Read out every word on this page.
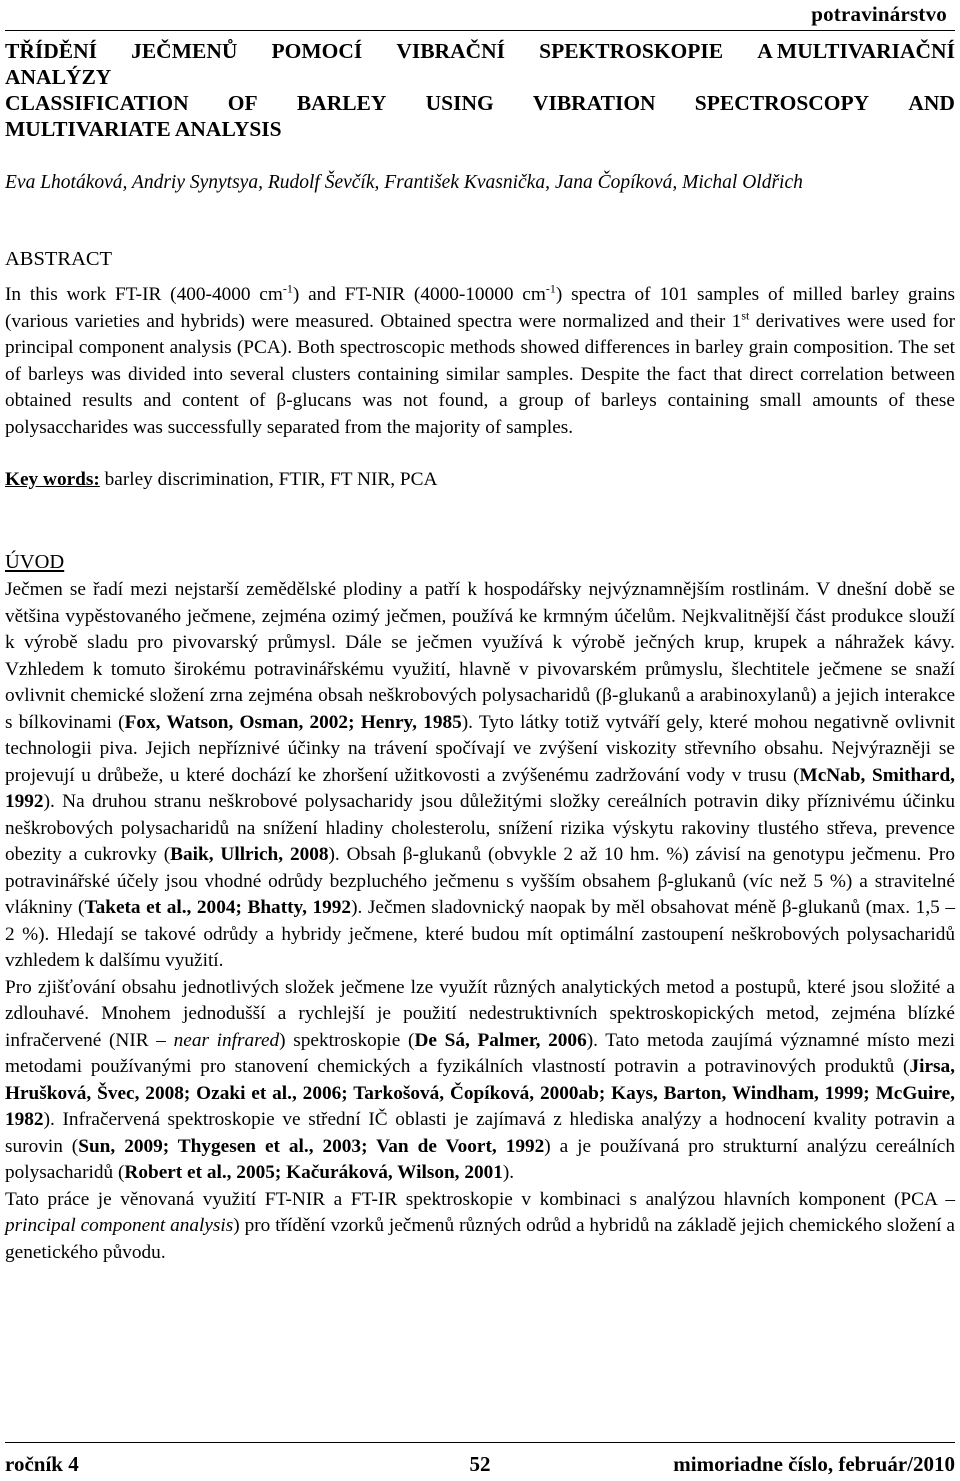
potravinárstvo
TŘÍDĚNÍ JEČMENŮ POMOCÍ VIBRAČNÍ SPEKTROSKOPIE A MULTIVARIAČNÍ
ANALÝZY
CLASSIFICATION OF BARLEY USING VIBRATION SPECTROSCOPY AND
MULTIVARIATE ANALYSIS
Eva Lhotáková, Andriy Synytsya, Rudolf Ševčík, František Kvasnička, Jana Čopíková, Michal Oldřich
ABSTRACT

In this work FT-IR (400-4000 $cm^{-1}$) and FT-NIR (4000-10000 $cm^{-1}$) spectra of 101 samples of milled barley grains (various varieties and hybrids) were measured. Obtained spectra were normalized and their 1st derivatives were used for principal component analysis (PCA). Both spectroscopic methods showed differences in barley grain composition. The set of barleys was divided into several clusters containing similar samples. Despite the fact that direct correlation between obtained results and content of β-glucans was not found, a group of barleys containing small amounts of these polysaccharides was successfully separated from the majority of samples.

Key words: barley discrimination, FTIR, FT NIR, PCA
ÚVOD

Ječmen se řadí mezi nejstarší zemědělské plodiny a patří k hospodářsky nejvýznamnějším rostlinám. V dnešní době se většina vypěstovaného ječmene, zejména ozimý ječmen, používá ke krmným účelům. Nejkvalitnější část produkce slouží k výrobě sladu pro pivovarský průmysl. Dále se ječmen využívá k výrobě ječných krup, krupek a náhražek kávy. Vzhledem k tomuto širokému potravinářskému využití, hlavně v pivovarském průmyslu, šlechtitele ječmene se snaží ovlivnit chemické složení zrna zejména obsah neškrobových polysacharidů (β-glukanů a arabinoxylanů) a jejich interakce s bílkovinami (Fox, Watson, Osman, 2002; Henry, 1985). Tyto látky totiž vytváří gely, které mohou negativně ovlivnit technologii piva. Jejich nepříznivé účinky na trávení spočívají ve zvýšení viskozity střevního obsahu. Nejvýrazněji se projevují u drůbeže, u které dochází ke zhoršení užitkovosti a zvýšenému zadržování vody v trusu (McNab, Smithard, 1992). Na druhou stranu neškrobové polysacharidy jsou důležitými složky cereálních potravin diky příznivému účinku neškrobových polysacharidů na snížení hladiny cholesterolu, snížení rizika výskytu rakoviny tlustého střeva, prevence obezity a cukrovky (Baik, Ullrich, 2008). Obsah β-glukanů (obvykle 2 až 10 hm. %) závisí na genotypu ječmenu. Pro potravinářské účely jsou vhodné odrůdy bezpluchého ječmenu s vyšším obsahem β-glukanů (víc než 5 %) a stravitelné vlákniny (Taketa et al., 2004; Bhatty, 1992). Ječmen sladovnický naopak by měl obsahovat méně β-glukanů (max. 1,5 – 2 %). Hledají se takové odrůdy a hybridy ječmene, které budou mít optimální zastoupení neškrobových polysacharidů vzhledem k dalšímu využití.

Pro zjišťování obsahu jednotlivých složek ječmene lze využít různých analytických metod a postupů, které jsou složité a zdlouhavé. Mnohem jednodušší a rychlejší je použití nedestruktivních spektroskopických metod, zejména blízké infračervené (NIR – near infrared) spektroskopie (De Sá, Palmer, 2006). Tato metoda zaujímá významné místo mezi metodami používanými pro stanovení chemických a fyzikálních vlastností potravin a potravinových produktů (Jirsa, Hrušková, Švec, 2008; Ozaki et al., 2006; Tarkošová, Čopíková, 2000ab; Kays, Barton, Windham, 1999; McGuire, 1982). Infračervená spektroskopie ve střední IČ oblasti je zajímavá z hlediska analýzy a hodnocení kvality potravin a surovin (Sun, 2009; Thygesen et al., 2003; Van de Voort, 1992) a je používaná pro strukturní analýzu cereálních polysacharidů (Robert et al., 2005; Kačuráková, Wilson, 2001).

Tato práce je věnovaná využití FT-NIR a FT-IR spektroskopie v kombinaci s analýzou hlavních komponent (PCA – principal component analysis) pro třídění vzorků ječmenů různých odrůd a hybridů na základě jejich chemického složení a genetického původu.

ročník 4	52	mimoriadne číslo, február/2010
